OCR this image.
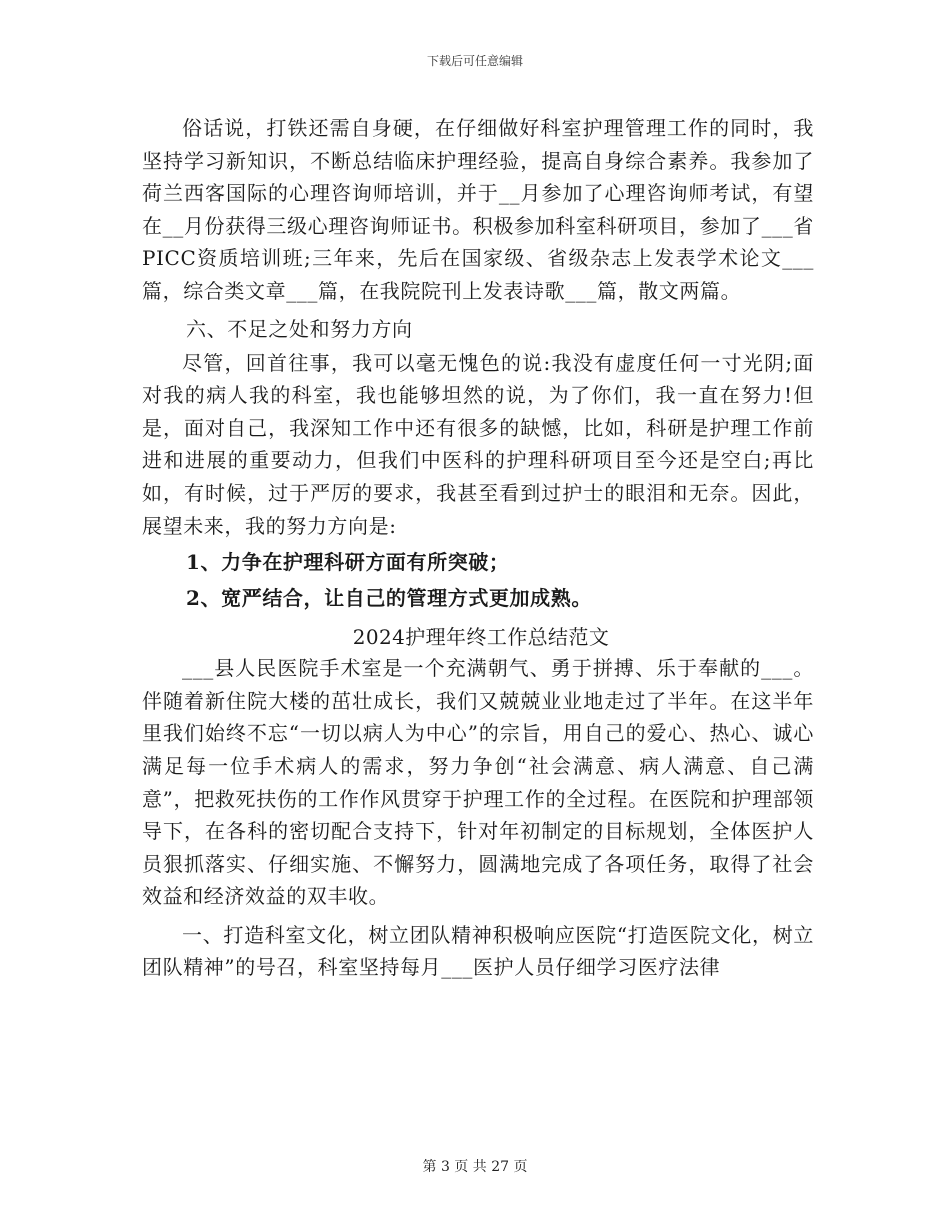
下载后可任意编辑

俗话说，打铁还需自身硬，在仔细做好科室护理管理工作的同时，我坚持学习新知识，不断总结临床护理经验，提高自身综合素养。我参加了荷兰西客国际的心理咨询师培训，并于__月参加了心理咨询师考试，有望在__月份获得三级心理咨询师证书。积极参加科室科研项目，参加了___省PICC资质培训班;三年来，先后在国家级、省级杂志上发表学术论文___篇，综合类文章___篇，在我院院刊上发表诗歌___篇，散文两篇。

六、不足之处和努力方向

尽管，回首往事，我可以毫无愧色的说:我没有虚度任何一寸光阴;面对我的病人我的科室，我也能够坦然的说，为了你们，我一直在努力!但是，面对自己，我深知工作中还有很多的缺憾，比如，科研是护理工作前进和进展的重要动力，但我们中医科的护理科研项目至今还是空白;再比如，有时候，过于严厉的要求，我甚至看到过护士的眼泪和无奈。因此，展望未来，我的努力方向是:

1、力争在护理科研方面有所突破；
2、宽严结合，让自己的管理方式更加成熟。
2024护理年终工作总结范文

___县人民医院手术室是一个充满朝气、勇于拼搏、乐于奉献的___。伴随着新住院大楼的茁壮成长，我们又兢兢业业地走过了半年。在这半年里我们始终不忘“一切以病人为中心”的宗旨，用自己的爱心、热心、诚心满足每一位手术病人的需求，努力争创“社会满意、病人满意、自己满意”，把救死扶伤的工作作风贯穿于护理工作的全过程。在医院和护理部领导下，在各科的密切配合支持下，针对年初制定的目标规划，全体医护人员狠抓落实、仔细实施、不懈努力，圆满地完成了各项任务，取得了社会效益和经济效益的双丰收。

一、打造科室文化，树立团队精神积极响应医院“打造医院文化，树立团队精神”的号召，科室坚持每月___医护人员仔细学习医疗法律

第 3 页 共 27 页
